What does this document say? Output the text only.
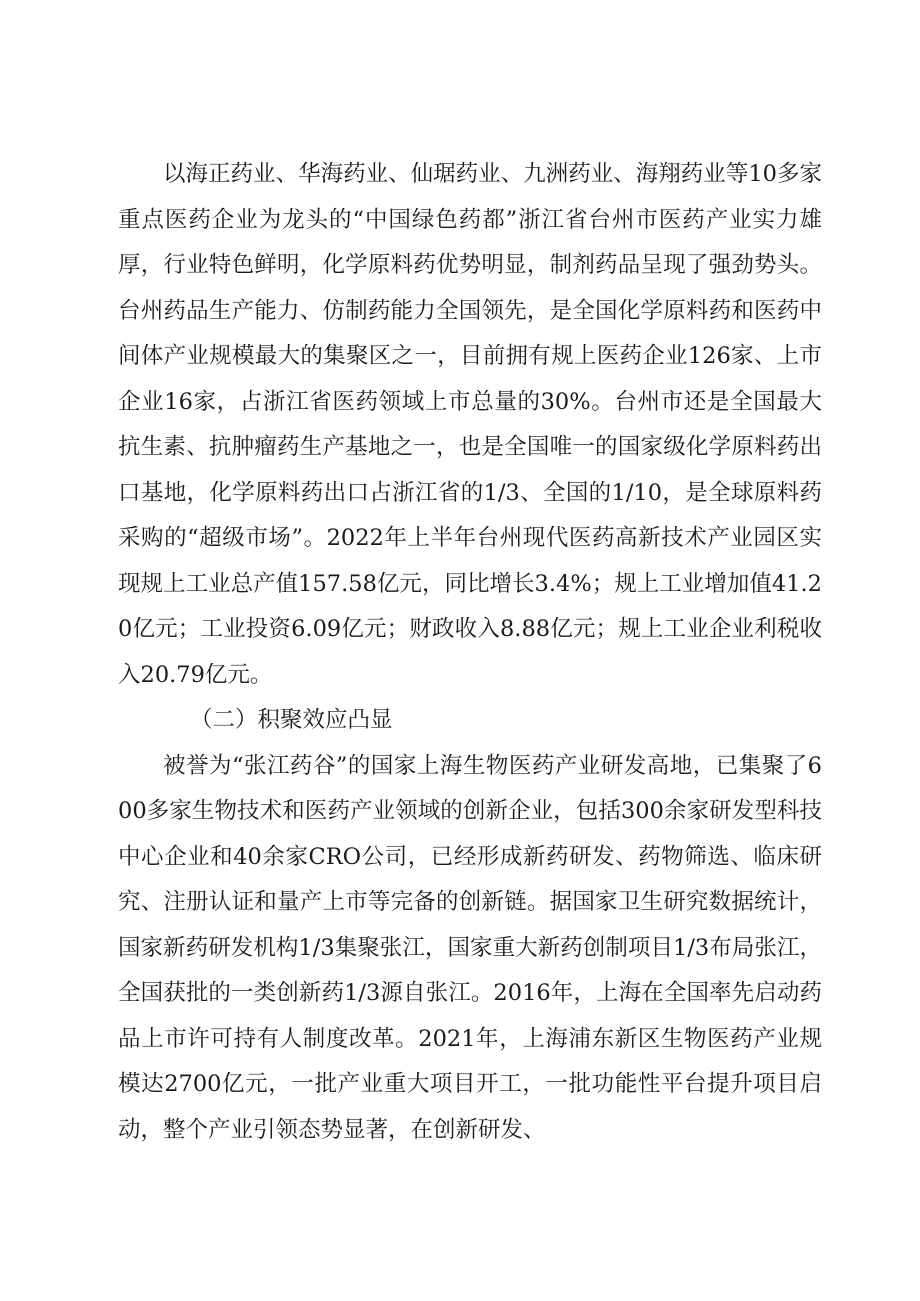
以海正药业、华海药业、仙琚药业、九洲药业、海翔药业等10多家重点医药企业为龙头的“中国绿色药都”浙江省台州市医药产业实力雄厚，行业特色鲜明，化学原料药优势明显，制剂药品呈现了强劲势头。台州药品生产能力、仿制药能力全国领先，是全国化学原料药和医药中间体产业规模最大的集聚区之一，目前拥有规上医药企业126家、上市企业16家，占浙江省医药领域上市总量的30%。台州市还是全国最大抗生素、抗肿瘤药生产基地之一，也是全国唯一的国家级化学原料药出口基地，化学原料药出口占浙江省的1/3、全国的1/10，是全球原料药采购的“超级市场”。2022年上半年台州现代医药高新技术产业园区实现规上工业总产值157.58亿元，同比增长3.4%；规上工业增加值41.20亿元；工业投资6.09亿元；财政收入8.88亿元；规上工业企业利税收入20.79亿元。

（二）积聚效应凸显

被誉为“张江药谷”的国家上海生物医药产业研发高地，已集聚了600多家生物技术和医药产业领域的创新企业，包括300余家研发型科技中心企业和40余家CRO公司，已经形成新药研发、药物筛选、临床研究、注册认证和量产上市等完备的创新链。据国家卫生研究数据统计，国家新药研发机构1/3集聚张江，国家重大新药创制项目1/3布局张江，全国获批的一类创新药1/3源自张江。2016年，上海在全国率先启动药品上市许可持有人制度改革。2021年，上海浦东新区生物医药产业规模达2700亿元，一批产业重大项目开工，一批功能性平台提升项目启动，整个产业引领态势显著，在创新研发、
